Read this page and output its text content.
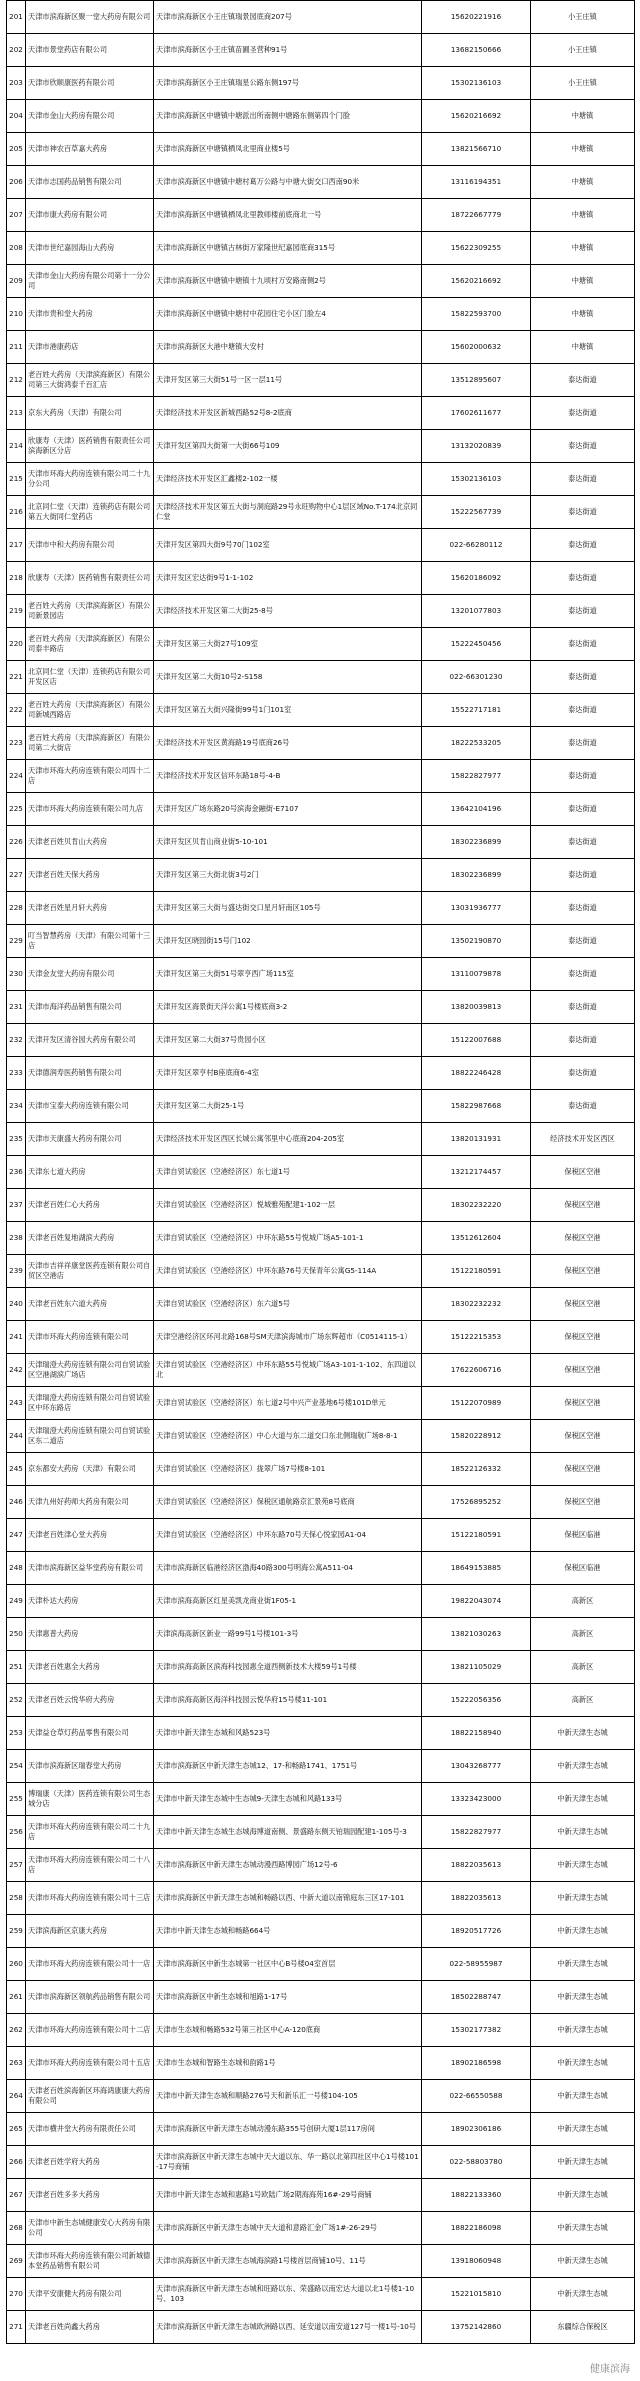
201	天津市滨海新区聚一堂大药房有限公司	天津市滨海新区小王庄镇瑞景园底商207号	15620221916	小王庄镇
202	天津市景堂药店有限公司	天津市滨海新区小王庄镇苗圃圣营种91号	13682150666	小王庄镇
203	天津市欣顺康医药有限公司	天津市滨海新区小王庄镇瑞星公路东侧197号	15302136103	小王庄镇
204	天津市金山大药房有限公司	天津市滨海新区中塘镇中塘派出所南侧中塘路东侧第四个门脸	15620216692	中塘镇
205	天津市神农百草嘉大药房	天津市滨海新区中塘镇栖凤北里商业楼5号	13821566710	中塘镇
206	天津市志国药品销售有限公司	天津市滨海新区中塘镇中塘村葛万公路与中塘大街交口西南90米	13116194351	中塘镇
207	天津市康大药房有限公司	天津市滨海新区中塘镇栖凤北里教师楼前底商北一号	18722667779	中塘镇
208	天津市世纪嘉园海山大药房	天津市滨海新区中塘镇古林街万家隆世纪嘉园底商315号	15622309255	中塘镇
209	天津市金山大药房有限公司第十一分公司	天津市滨海新区中塘镇中塘镇十九顷村万安路南侧2号	15620216692	中塘镇
210	天津市贵和堂大药房	天津市滨海新区中塘镇中塘村中花园住宅小区门脸左4	15822593700	中塘镇
211	天津市港康药店	天津市滨海新区大港中塘镇大安村	15602000632	中塘镇
212	老百姓大药房（天津滨海新区）有限公司第三大街鸿泰千百汇店	天津开发区第三大街51号一区一层11号	13512895607	泰达街道
213	京东大药房（天津）有限公司	天津经济技术开发区新城西路52号8-2底商	17602611677	泰达街道
214	欣康寿（天津）医药销售有限责任公司滨海新区分店	天津开发区第四大街第一大街66号109	13132020839	泰达街道
215	天津市环海大药房连锁有限公司二十九分公司	天津经济技术开发区汇鑫楼2-102一楼	15302136103	泰达街道
216	北京同仁堂（天津）连锁药店有限公司第五大街同仁堂药店	天津经济技术开发区第五大街与洞庭路29号永旺购物中心1层区域No.T-174北京同仁堂	15222567739	泰达街道
217	天津市中和大药房有限公司	天津开发区第四大街9号70门102室	022-66280112	泰达街道
218	欣康寿（天津）医药销售有限责任公司	天津开发区宏达街9号1-1-102	15620186092	泰达街道
219	老百姓大药房（天津滨海新区）有限公司新景园店	天津经济技术开发区第二大街25-8号	13201077803	泰达街道
220	老百姓大药房（天津滨海新区）有限公司泰丰路店	天津开发区第三大街27号109室	15222450456	泰达街道
221	北京同仁堂（天津）连锁药店有限公司开发区店	天津开发区第二大街10号2-S158	022-66301230	泰达街道
222	老百姓大药房（天津滨海新区）有限公司新城西路店	天津开发区第五大街兴隆街99号1门101室	15522717181	泰达街道
223	老百姓大药房（天津滨海新区）有限公司第二大街店	天津经济技术开发区黄海路19号底商26号	18222533205	泰达街道
224	天津市环海大药房连锁有限公司四十二店	天津经济技术开发区信环东路18号-4-B	15822827977	泰达街道
225	天津市环海大药房连锁有限公司九店	天津开发区广场东路20号滨海金融街-E7107	13642104196	泰达街道
226	天津老百姓贝肯山大药房	天津开发区贝肯山商业街5-10-101	18302236899	泰达街道
227	天津老百姓天保大药房	天津开发区第三大街北街3号2门	18302236899	泰达街道
228	天津老百姓星月轩大药房	天津开发区第三大街与盛达街交口星月轩南区105号	13031936777	泰达街道
229	叮当智慧药房（天津）有限公司第十三店	天津开发区晓园街15号门102	13502190870	泰达街道
230	天津金友堂大药房有限公司	天津开发区第三大街51号翠亨西广场115室	13110079878	泰达街道
231	天津市海洋药品销售有限公司	天津开发区海景街天洋公寓1号楼底商3-2	13820039813	泰达街道
232	天津开发区清谷园大药房有限公司	天津开发区第二大街37号贵园小区	15122007688	泰达街道
233	天津德润寿医药销售有限公司	天津开发区翠亨村B座底商6-4室	18822246428	泰达街道
234	天津市宝泰大药房连锁有限公司	天津开发区第二大街25-1号	15822987668	泰达街道
235	天津市天康盛大药房有限公司	天津经济技术开发区西区长城公寓邻里中心底商204-205室	13820131931	经济技术开发区西区
236	天津东七道大药房	天津自贸试验区（空港经济区）东七道1号	13212174457	保税区空港
237	天津老百姓仁心大药房	天津自贸试验区（空港经济区）悦城雅苑配建1-102一层	18302232220	保税区空港
238	天津老百姓复地湖滨大药房	天津自贸试验区（空港经济区）中环东路55号悦城广场A5-101-1	13512612604	保税区空港
239	天津市吉祥祥康堂医药连锁有限公司自贸区空港店	天津自贸试验区（空港经济区）中环东路76号天保青年公寓G5-114A	15122180591	保税区空港
240	天津老百姓东六道大药房	天津自贸试验区（空港经济区）东六道5号	18302232232	保税区空港
241	天津市环海大药房连锁有限公司	天津空港经济区环河北路168号SM天津滨海城市广场东辉超市（C0514115-1）	15122215353	保税区空港
242	天津瑞澄大药房连锁有限公司自贸试验区空港湖滨广场店	天津自贸试验区（空港经济区）中环东路55号悦城广场A3-101-1-102、东四道以北	17622606716	保税区空港
243	天津瑞澄大药房连锁有限公司自贸试验区中环东路店	天津自贸试验区（空港经济区）东七道2号中兴产业基地6号楼101D单元	15122070989	保税区空港
244	天津瑞澄大药房连锁有限公司自贸试验区东二道店	天津自贸试验区（空港经济区）中心大道与东二道交口东北侧瑞航广场8-8-1	15820228912	保税区空港
245	京东都安大药房（天津）有限公司	天津自贸试验区（空港经济区）拢翠广场7号楼8-101	18522126332	保税区空港
246	天津九州好药师大药房有限公司	天津自贸试验区（空港经济区）保税区通航路京汇景苑8号底商	17526895252	保税区空港
247	天津老百姓津心堂大药房	天津自贸试验区（空港经济区）中环东路70号天保心悦家园A1-04	15122180591	保税区临港
248	天津市滨海新区益华堂药房有限公司	天津市滨海新区临港经济区渤海40路300号明海公寓A511-04	18649153885	保税区临港
249	天津朴达大药房	天津市滨海高新区红星美凯龙商业街1F05-1	19822043074	高新区
250	天津惠普大药房	天津滨海高新区新业一路99号1号楼101-3号	13821030263	高新区
251	天津老百姓惠全大药房	天津市滨海高新区滨海科技园惠全道西侧新技术大楼59号1号楼	13821105029	高新区
252	天津老百姓云悦华府大药房	天津市滨海高新区海洋科技园云悦华府15号楼11-101	15222056356	高新区
253	天津益仓草灯药品零售有限公司	天津市中新天津生态城和风路523号	18822158940	中新天津生态城
254	天津市滨海新区瑞春堂大药房	天津市滨海新区中新天津生态城12、17-和畅路1741、1751号	13043268777	中新天津生态城
255	博瑞康（天津）医药连锁有限公司生态城分店	天津市中新天津生态城中生态城9-天津生态城和风路133号	13323423000	中新天津生态城
256	天津市环海大药房连锁有限公司二十九店	天津市中新天津生态城生态城海博道南侧、景盛路东侧天铂瑞园配建1-105号-3	15822827977	中新天津生态城
257	天津市环海大药房连锁有限公司二十八店	天津市滨海新区中新天津生态城动漫西路博园广场12号-6	18822035613	中新天津生态城
258	天津市环海大药房连锁有限公司十三店	天津市滨海新区中新天津生态城和畅路以西、中新大道以南锦庭东三区17-101	18822035613	中新天津生态城
259	天津滨海新区京康大药房	天津市中新天津生态城和畅路664号	18920517726	中新天津生态城
260	天津市环海大药房连锁有限公司十一店	天津市滨海新区中新生态城第一社区中心B号楼04室首层	022-58955987	中新天津生态城
261	天津市滨海新区领航药品销售有限公司	天津市滨海新区中新生态城和旭路1-17号	18502288747	中新天津生态城
262	天津市环海大药房连锁有限公司十二店	天津市生态城和畅路532号第三社区中心A-120底商	15302177382	中新天津生态城
263	天津市环海大药房连锁有限公司十五店	天津市生态城和智路生态城和韵路1号	18902186598	中新天津生态城
264	天津老百姓滨海新区环海鸿康康大药房有限公司	天津市中新天津生态城和顺路276号天和新乐汇一号楼104-105	022-66550588	中新天津生态城
265	天津市横井堂大药房有限责任公司	天津市滨海新区中新天津生态城动漫东路355号创研大厦1层117房间	18902306186	中新天津生态城
266	天津老百姓学府大药房	天津市滨海新区中新天津生态城中天大道以东、华一路以北第四社区中心1号楼101-17号商铺	022-58803780	中新天津生态城
267	天津老百姓多多大药房	天津市中新天津生态城和惠路1号欧陆广场2期海海苑16#-29号商铺	18822133360	中新天津生态城
268	天津市中新生态城健康安心大药房有限公司	天津市滨海新区中新天津生态城中天大道和意路汇金广场1#-26-29号	18822186098	中新天津生态城
269	天津市环海大药房连锁有限公司新城德本堂药品销售有限公司	天津市滨海新区中新天津生态城海滨路1号楼首层商铺10号、11号	13918060948	中新天津生态城
270	天津平安康健大药房有限公司	天津市滨海新区中新天津生态城和旺路以东、荣盛路以南宏达大道以北1号楼1-10号、103	15221015810	中新天津生态城
271	天津老百姓尚鑫大药房	天津市滨海新区中新天津生态城欧洲路以西、延安道以南安道127号一楼1号-10号	13752142860	东疆综合保税区
健康滨海
